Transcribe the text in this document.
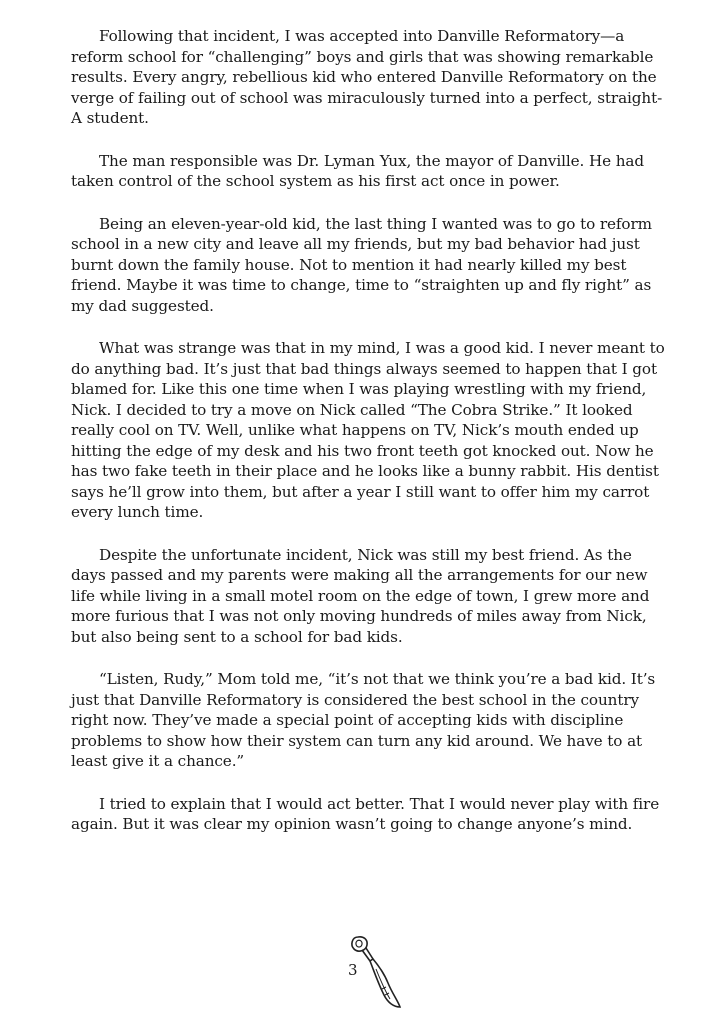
Following that incident, I was accepted into Danville Reformatory—a reform school for “challenging” boys and girls that was showing remarkable results. Every angry, rebellious kid who entered Danville Reformatory on the verge of failing out of school was miraculously turned into a perfect, straight-A student.

The man responsible was Dr. Lyman Yux, the mayor of Danville. He had taken control of the school system as his first act once in power.

Being an eleven-year-old kid, the last thing I wanted was to go to reform school in a new city and leave all my friends, but my bad behavior had just burnt down the family house. Not to mention it had nearly killed my best friend. Maybe it was time to change, time to “straighten up and fly right” as my dad suggested.

What was strange was that in my mind, I was a good kid. I never meant to do anything bad. It’s just that bad things always seemed to happen that I got blamed for. Like this one time when I was playing wrestling with my friend, Nick. I decided to try a move on Nick called “The Cobra Strike.” It looked really cool on TV. Well, unlike what happens on TV, Nick’s mouth ended up hitting the edge of my desk and his two front teeth got knocked out. Now he has two fake teeth in their place and he looks like a bunny rabbit. His dentist says he’ll grow into them, but after a year I still want to offer him my carrot every lunch time.

Despite the unfortunate incident, Nick was still my best friend. As the days passed and my parents were making all the arrangements for our new life while living in a small motel room on the edge of town, I grew more and more furious that I was not only moving hundreds of miles away from Nick, but also being sent to a school for bad kids.

“Listen, Rudy,” Mom told me, “it’s not that we think you’re a bad kid. It’s just that Danville Reformatory is considered the best school in the country right now. They’ve made a special point of accepting kids with discipline problems to show how their system can turn any kid around. We have to at least give it a chance.”

I tried to explain that I would act better. That I would never play with fire again. But it was clear my opinion wasn’t going to change anyone’s mind.

3
